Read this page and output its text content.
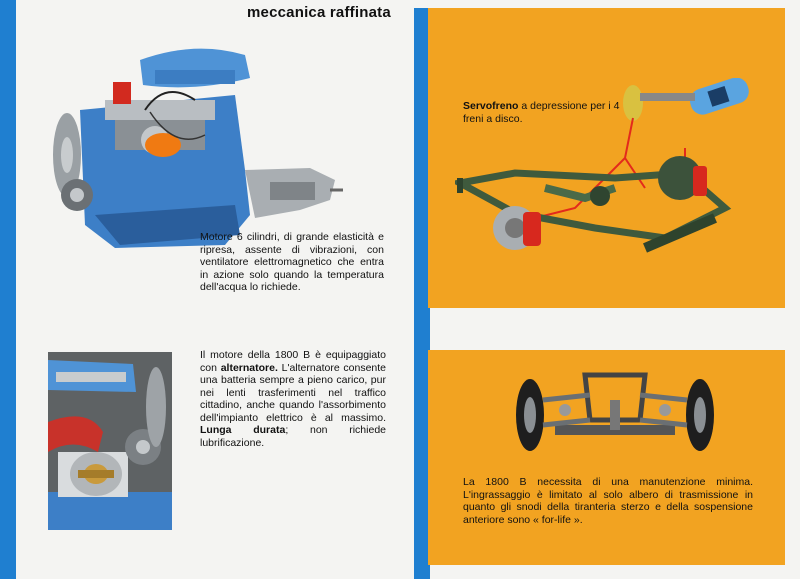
meccanica raffinata
Motore 6 cilindri, di grande elasticità e ripresa, assente di vibrazioni, con ventilatore elettromagnetico che entra in azione solo quando la temperatura dell'acqua lo richiede.
Il motore della 1800 B è equipaggiato con alternatore. L'alternatore consente una batteria sempre a pieno carico, pur nei lenti trasferimenti nel traffico cittadino, anche quando l'assorbimento dell'impianto elettrico è al massimo. Lunga durata; non richiede lubrificazione.
Servofreno a depressione per i 4 freni a disco.
La 1800 B necessita di una manutenzione minima. L'ingrassaggio è limitato al solo albero di trasmissione in quanto gli snodi della tiranteria sterzo e della sospensione anteriore sono « for-life ».
